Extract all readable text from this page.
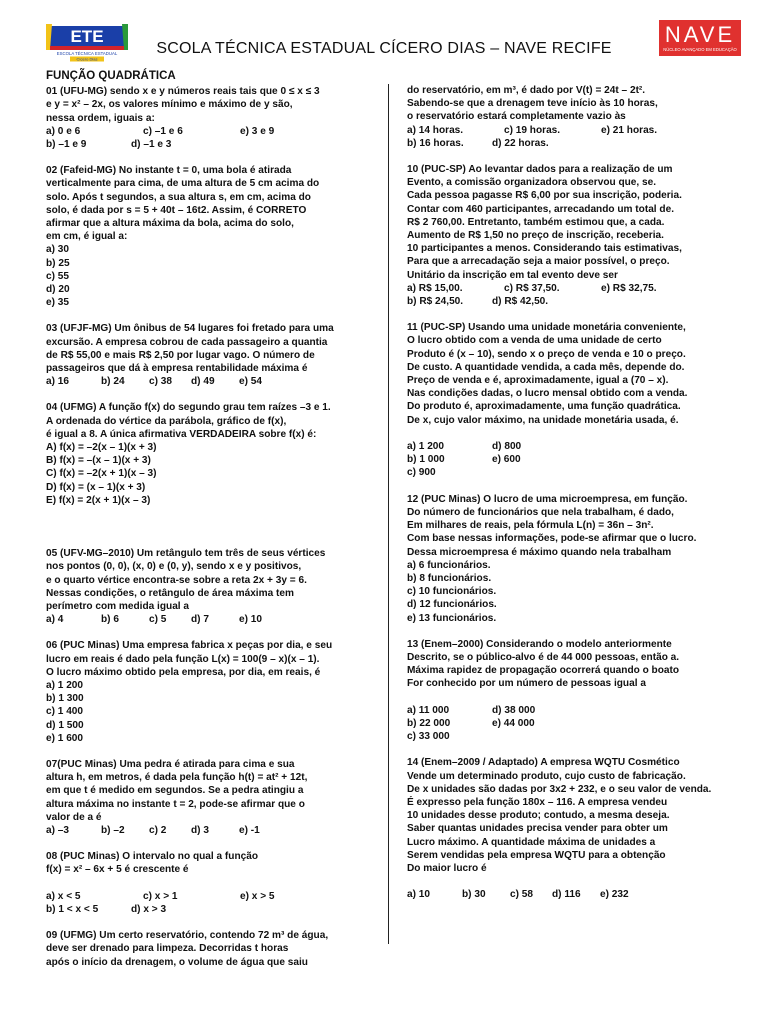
ETE
ESCOLA TÉCNICA ESTADUAL
Cícero Dias
NAVE
NÚCLEO AVANÇADO EM EDUCAÇÃO
SCOLA TÉCNICA ESTADUAL CÍCERO DIAS – NAVE RECIFE
FUNÇÃO QUADRÁTICA
01 (UFU-MG) sendo x e y números reais tais que 0 ≤ x ≤ 3
e y = x² – 2x, os valores mínimo e máximo de y são,
nessa ordem, iguais a:
a) 0 e 6	c) –1 e 6	e) 3 e 9
b) –1 e 9	d) –1 e 3
02 (Fafeid-MG) No instante t = 0, uma bola é atirada
verticalmente para cima, de uma altura de 5 cm acima do
solo. Após t segundos, a sua altura s, em cm, acima do
solo, é dada por s = 5 + 40t – 16t2. Assim, é CORRETO
afirmar que a altura máxima da bola, acima do solo,
em cm, é igual a:
a) 30
b) 25
c) 55
d) 20
e) 35
03 (UFJF-MG) Um ônibus de 54 lugares foi fretado para uma
excursão. A empresa cobrou de cada passageiro a quantia
de R$ 55,00 e mais R$ 2,50 por lugar vago. O número de
passageiros que dá à empresa rentabilidade máxima é
a) 16	b) 24 c) 38 d) 49 e) 54
04 (UFMG) A função f(x) do segundo grau tem raízes –3 e 1.
A ordenada do vértice da parábola, gráfico de f(x),
é igual a 8. A única afirmativa VERDADEIRA sobre f(x) é:
A) f(x) = –2(x – 1)(x + 3)
B) f(x) = –(x – 1)(x + 3)
C) f(x) = –2(x + 1)(x – 3)
D) f(x) = (x – 1)(x + 3)
E) f(x) = 2(x + 1)(x – 3)
05 (UFV-MG–2010) Um retângulo tem três de seus vértices
nos pontos (0, 0), (x, 0) e (0, y), sendo x e y positivos,
e o quarto vértice encontra-se sobre a reta 2x + 3y = 6.
Nessas condições, o retângulo de área máxima tem
perímetro com medida igual a
a) 4	b) 6	c) 5 d) 7	e) 10
06 (PUC Minas) Uma empresa fabrica x peças por dia, e seu
lucro em reais é dado pela função L(x) = 100(9 – x)(x – 1).
O lucro máximo obtido pela empresa, por dia, em reais, é
a) 1 200
b) 1 300
c) 1 400
d) 1 500
e) 1 600
07(PUC Minas) Uma pedra é atirada para cima e sua
altura h, em metros, é dada pela função h(t) = at² + 12t,
em que t é medido em segundos. Se a pedra atingiu a
altura máxima no instante t = 2, pode-se afirmar que o
valor de a é
a) –3	b) –2 c) 2 d) 3	e) -1
08 (PUC Minas) O intervalo no qual a função
f(x) = x² – 6x + 5 é crescente é

a) x < 5	c) x > 1	e) x > 5
b) 1 < x < 5	d) x > 3
09 (UFMG) Um certo reservatório, contendo 72 m³ de água,
deve ser drenado para limpeza. Decorridas t horas
após o início da drenagem, o volume de água que saiu
do reservatório, em m³, é dado por V(t) = 24t – 2t².
Sabendo-se que a drenagem teve início às 10 horas,
o reservatório estará completamente vazio às
a) 14 horas.	c) 19 horas.	e) 21 horas.
b) 16 horas.	d) 22 horas.
10 (PUC-SP) Ao levantar dados para a realização de um
Evento, a comissão organizadora observou que, se.
Cada pessoa pagasse R$ 6,00 por sua inscrição, poderia.
Contar com 460 participantes, arrecadando um total de.
R$ 2 760,00. Entretanto, também estimou que, a cada.
Aumento de R$ 1,50 no preço de inscrição, receberia.
10 participantes a menos. Considerando tais estimativas,
Para que a arrecadação seja a maior possível, o preço.
Unitário da inscrição em tal evento deve ser
a) R$ 15,00.	c) R$ 37,50.	e) R$ 32,75.
b) R$ 24,50.	d) R$ 42,50.
11 (PUC-SP) Usando uma unidade monetária conveniente,
O lucro obtido com a venda de uma unidade de certo
Produto é (x – 10), sendo x o preço de venda e 10 o preço.
De custo. A quantidade vendida, a cada mês, depende do.
Preço de venda e é, aproximadamente, igual a (70 – x).
Nas condições dadas, o lucro mensal obtido com a venda.
Do produto é, aproximadamente, uma função quadrática.
De x, cujo valor máximo, na unidade monetária usada, é.

a) 1 200	d) 800
b) 1 000	e) 600
c) 900
12 (PUC Minas) O lucro de uma microempresa, em função.
Do número de funcionários que nela trabalham, é dado,
Em milhares de reais, pela fórmula L(n) = 36n – 3n².
Com base nessas informações, pode-se afirmar que o lucro.
Dessa microempresa é máximo quando nela trabalham
a) 6 funcionários.
b) 8 funcionários.
c) 10 funcionários.
d) 12 funcionários.
e) 13 funcionários.
13 (Enem–2000) Considerando o modelo anteriormente
Descrito, se o público-alvo é de 44 000 pessoas, então a.
Máxima rapidez de propagação ocorrerá quando o boato
For conhecido por um número de pessoas igual a

a) 11 000	d) 38 000
b) 22 000	e) 44 000
c) 33 000
14 (Enem–2009 / Adaptado) A empresa WQTU Cosmético
Vende um determinado produto, cujo custo de fabricação.
De x unidades são dadas por 3x2 + 232, e o seu valor de venda.
É expresso pela função 180x – 116. A empresa vendeu
10 unidades desse produto; contudo, a mesma deseja.
Saber quantas unidades precisa vender para obter um
Lucro máximo. A quantidade máxima de unidades a
Serem vendidas pela empresa WQTU para a obtenção
Do maior lucro é

a) 10	b) 30 c) 58 d) 116 e) 232
